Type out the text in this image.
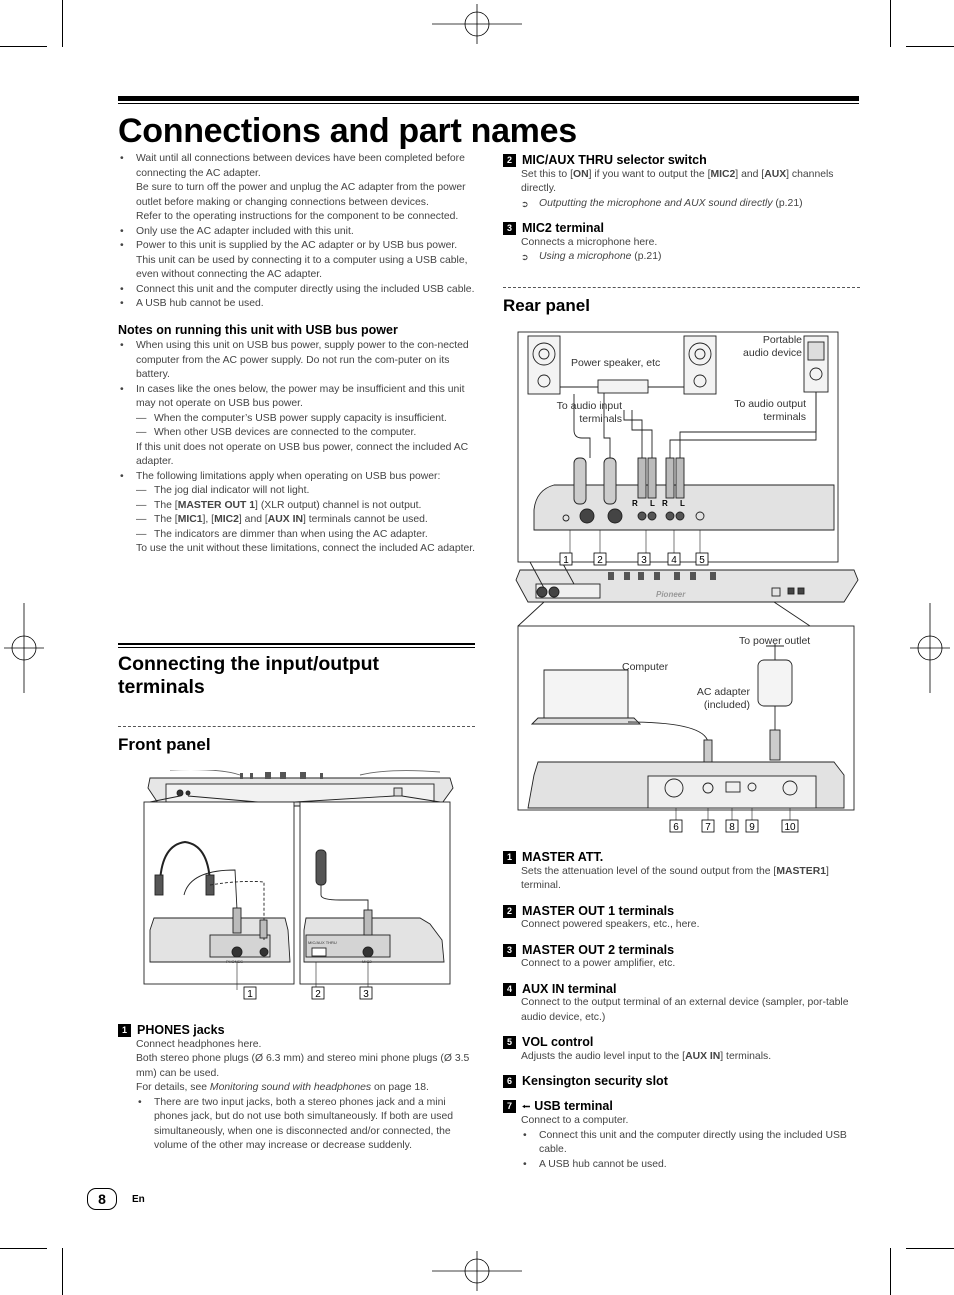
Connections and part names
• Wait until all connections between devices have been completed before connecting the AC adapter.
Be sure to turn off the power and unplug the AC adapter from the power outlet before making or changing connections between devices.
Refer to the operating instructions for the component to be connected.
• Only use the AC adapter included with this unit.
• Power to this unit is supplied by the AC adapter or by USB bus power.
This unit can be used by connecting it to a computer using a USB cable, even without connecting the AC adapter.
• Connect this unit and the computer directly using the included USB cable.
• A USB hub cannot be used.
Notes on running this unit with USB bus power
• When using this unit on USB bus power, supply power to the con-nected computer from the AC power supply. Do not run the com-puter on its battery.
• In cases like the ones below, the power may be insufficient and this unit may not operate on USB bus power.
— When the computer’s USB power supply capacity is insufficient.
— When other USB devices are connected to the computer.
If this unit does not operate on USB bus power, connect the included AC adapter.
• The following limitations apply when operating on USB bus power:
— The jog dial indicator will not light.
— The [MASTER OUT 1] (XLR output) channel is not output.
— The [MIC1], [MIC2] and [AUX IN] terminals cannot be used.
— The indicators are dimmer than when using the AC adapter.
To use the unit without these limitations, connect the included AC adapter.
Connecting the input/output terminals
Front panel
PHONES
MIC/AUX THRU
MIC2
1	2	3
1 PHONES jacks
Connect headphones here.
Both stereo phone plugs (Ø 6.3 mm) and stereo mini phone plugs (Ø 3.5 mm) can be used.
For details, see Monitoring sound with headphones on page 18.
• There are two input jacks, both a stereo phones jack and a mini phones jack, but do not use both simultaneously. If both are used simultaneously, when one is disconnected and/or connected, the volume of the other may increase or decrease suddenly.
8	En
2 MIC/AUX THRU selector switch
Set this to [ON] if you want to output the [MIC2] and [AUX] channels directly.
➲ Outputting the microphone and AUX sound directly (p.21)
3 MIC2 terminal
Connects a microphone here.
➲ Using a microphone (p.21)
Rear panel
Power speaker, etc
Portable audio device
To audio input terminals
To audio output terminals
To power outlet
Computer
AC adapter (included)
Pioneer
R L R L
1	2	3 4 5
6	7 8 9	10
1 MASTER ATT.
Sets the attenuation level of the sound output from the [MASTER1] terminal.
2 MASTER OUT 1 terminals
Connect powered speakers, etc., here.
3 MASTER OUT 2 terminals
Connect to a power amplifier, etc.
4 AUX IN terminal
Connect to the output terminal of an external device (sampler, por-table audio device, etc.)
5 VOL control
Adjusts the audio level input to the [AUX IN] terminals.
6 Kensington security slot
7 ⭪ USB terminal
Connect to a computer.
• Connect this unit and the computer directly using the included USB cable.
• A USB hub cannot be used.
